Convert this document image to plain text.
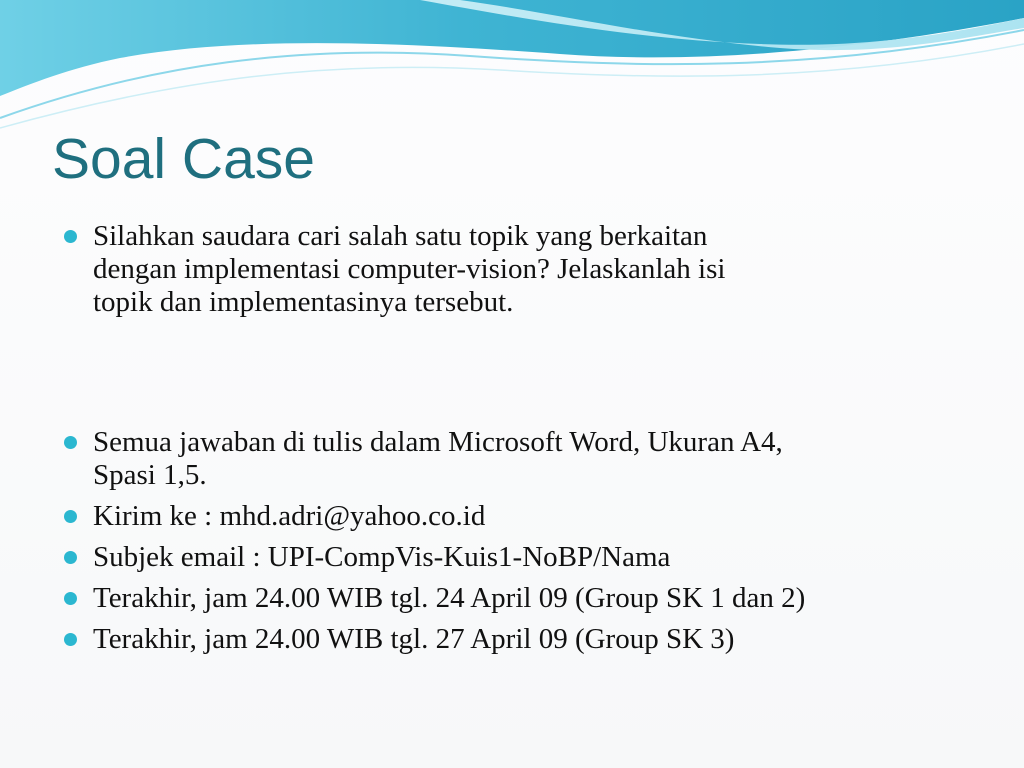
Soal Case
Silahkan saudara cari salah satu topik yang berkaitan
dengan implementasi computer-vision? Jelaskanlah isi
topik dan implementasinya tersebut.
Semua jawaban di tulis dalam Microsoft Word, Ukuran A4,
Spasi 1,5.
Kirim ke : mhd.adri@yahoo.co.id
Subjek email : UPI-CompVis-Kuis1-NoBP/Nama
Terakhir, jam 24.00 WIB tgl. 24 April 09 (Group SK 1 dan 2)
Terakhir, jam 24.00 WIB tgl. 27 April 09 (Group SK 3)
